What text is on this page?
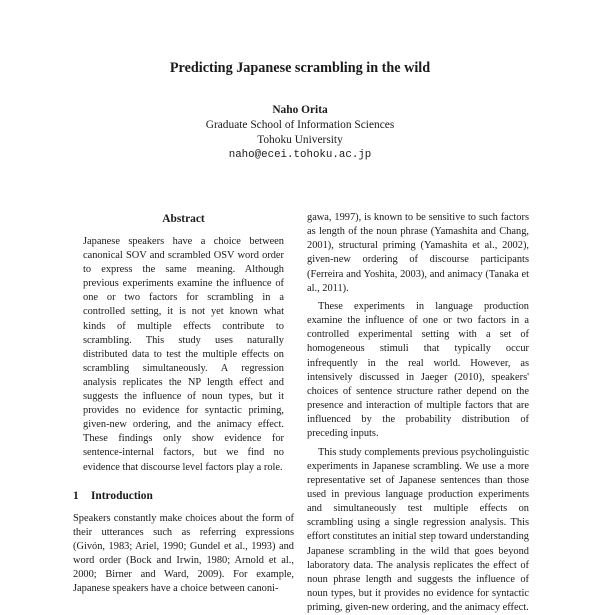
Predicting Japanese scrambling in the wild
Naho Orita
Graduate School of Information Sciences
Tohoku University
naho@ecei.tohoku.ac.jp
Abstract

Japanese speakers have a choice between canonical SOV and scrambled OSV word order to express the same meaning. Although previous experiments examine the influence of one or two factors for scrambling in a controlled setting, it is not yet known what kinds of multiple effects contribute to scrambling. This study uses naturally distributed data to test the multiple effects on scrambling simultaneously. A regression analysis replicates the NP length effect and suggests the influence of noun types, but it provides no evidence for syntactic priming, given-new ordering, and the animacy effect. These findings only show evidence for sentence-internal factors, but we find no evidence that discourse level factors play a role.

1 Introduction

Speakers constantly make choices about the form of their utterances such as referring expressions (Givón, 1983; Ariel, 1990; Gundel et al., 1993) and word order (Bock and Irwin, 1980; Arnold et al., 2000; Birner and Ward, 2009). For example, Japanese speakers have a choice between canoni-

gawa, 1997), is known to be sensitive to such factors as length of the noun phrase (Yamashita and Chang, 2001), structural priming (Yamashita et al., 2002), given-new ordering of discourse participants (Ferreira and Yoshita, 2003), and animacy (Tanaka et al., 2011).

These experiments in language production examine the influence of one or two factors in a controlled experimental setting with a set of homogeneous stimuli that typically occur infrequently in the real world. However, as intensively discussed in Jaeger (2010), speakers' choices of sentence structure rather depend on the presence and interaction of multiple factors that are influenced by the probability distribution of preceding inputs.

This study complements previous psycholinguistic experiments in Japanese scrambling. We use a more representative set of Japanese sentences than those used in previous language production experiments and simultaneously test multiple effects on scrambling using a single regression analysis. This effort constitutes an initial step toward understanding Japanese scrambling in the wild that goes beyond laboratory data. The analysis replicates the effect of noun phrase length and suggests the influence of noun types, but it provides no evidence for syntactic priming, given-new ordering, and the animacy effect.
